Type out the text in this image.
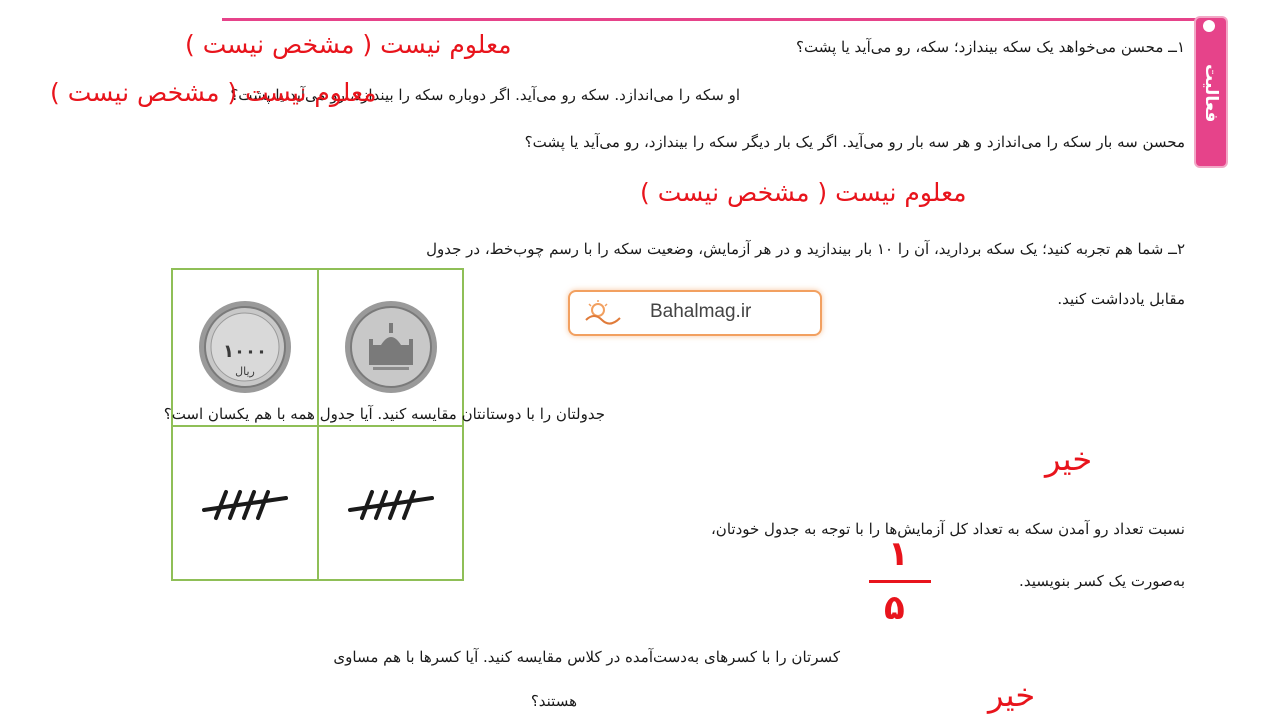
فعالیت
۱ــ محسن می‌خواهد یک سکه بیندازد؛ سکه، رو می‌آید یا پشت؟
معلوم نیست ( مشخص نیست )
او سکه را می‌اندازد. سکه رو می‌آید. اگر دوباره سکه را بیندازد، رو می‌آید یا پشت؟
معلوم نیست ( مشخص نیست )
محسن سه بار سکه را می‌اندازد و هر سه بار رو می‌آید. اگر یک بار دیگر سکه را بیندازد، رو می‌آید یا پشت؟
معلوم نیست ( مشخص نیست )
۲ــ شما هم تجربه کنید؛ یک سکه بردارید، آن را ۱۰ بار بیندازید و در هر آزمایش، وضعیت سکه را با رسم چوب‌خط، در جدول
مقابل یادداشت کنید.
Bahalmag.ir
۱۰۰۰
ریال
جدولتان را با دوستانتان مقایسه کنید. آیا جدول همه با هم یکسان است؟
خیر
نسبت تعداد رو آمدن سکه به تعداد کل آزمایش‌ها را با توجه به جدول خودتان،
به‌صورت یک کسر بنویسید.
۱
۵
کسرتان را با کسرهای به‌دست‌آمده در کلاس مقایسه کنید. آیا کسرها با هم مساوی
هستند؟	خیر
